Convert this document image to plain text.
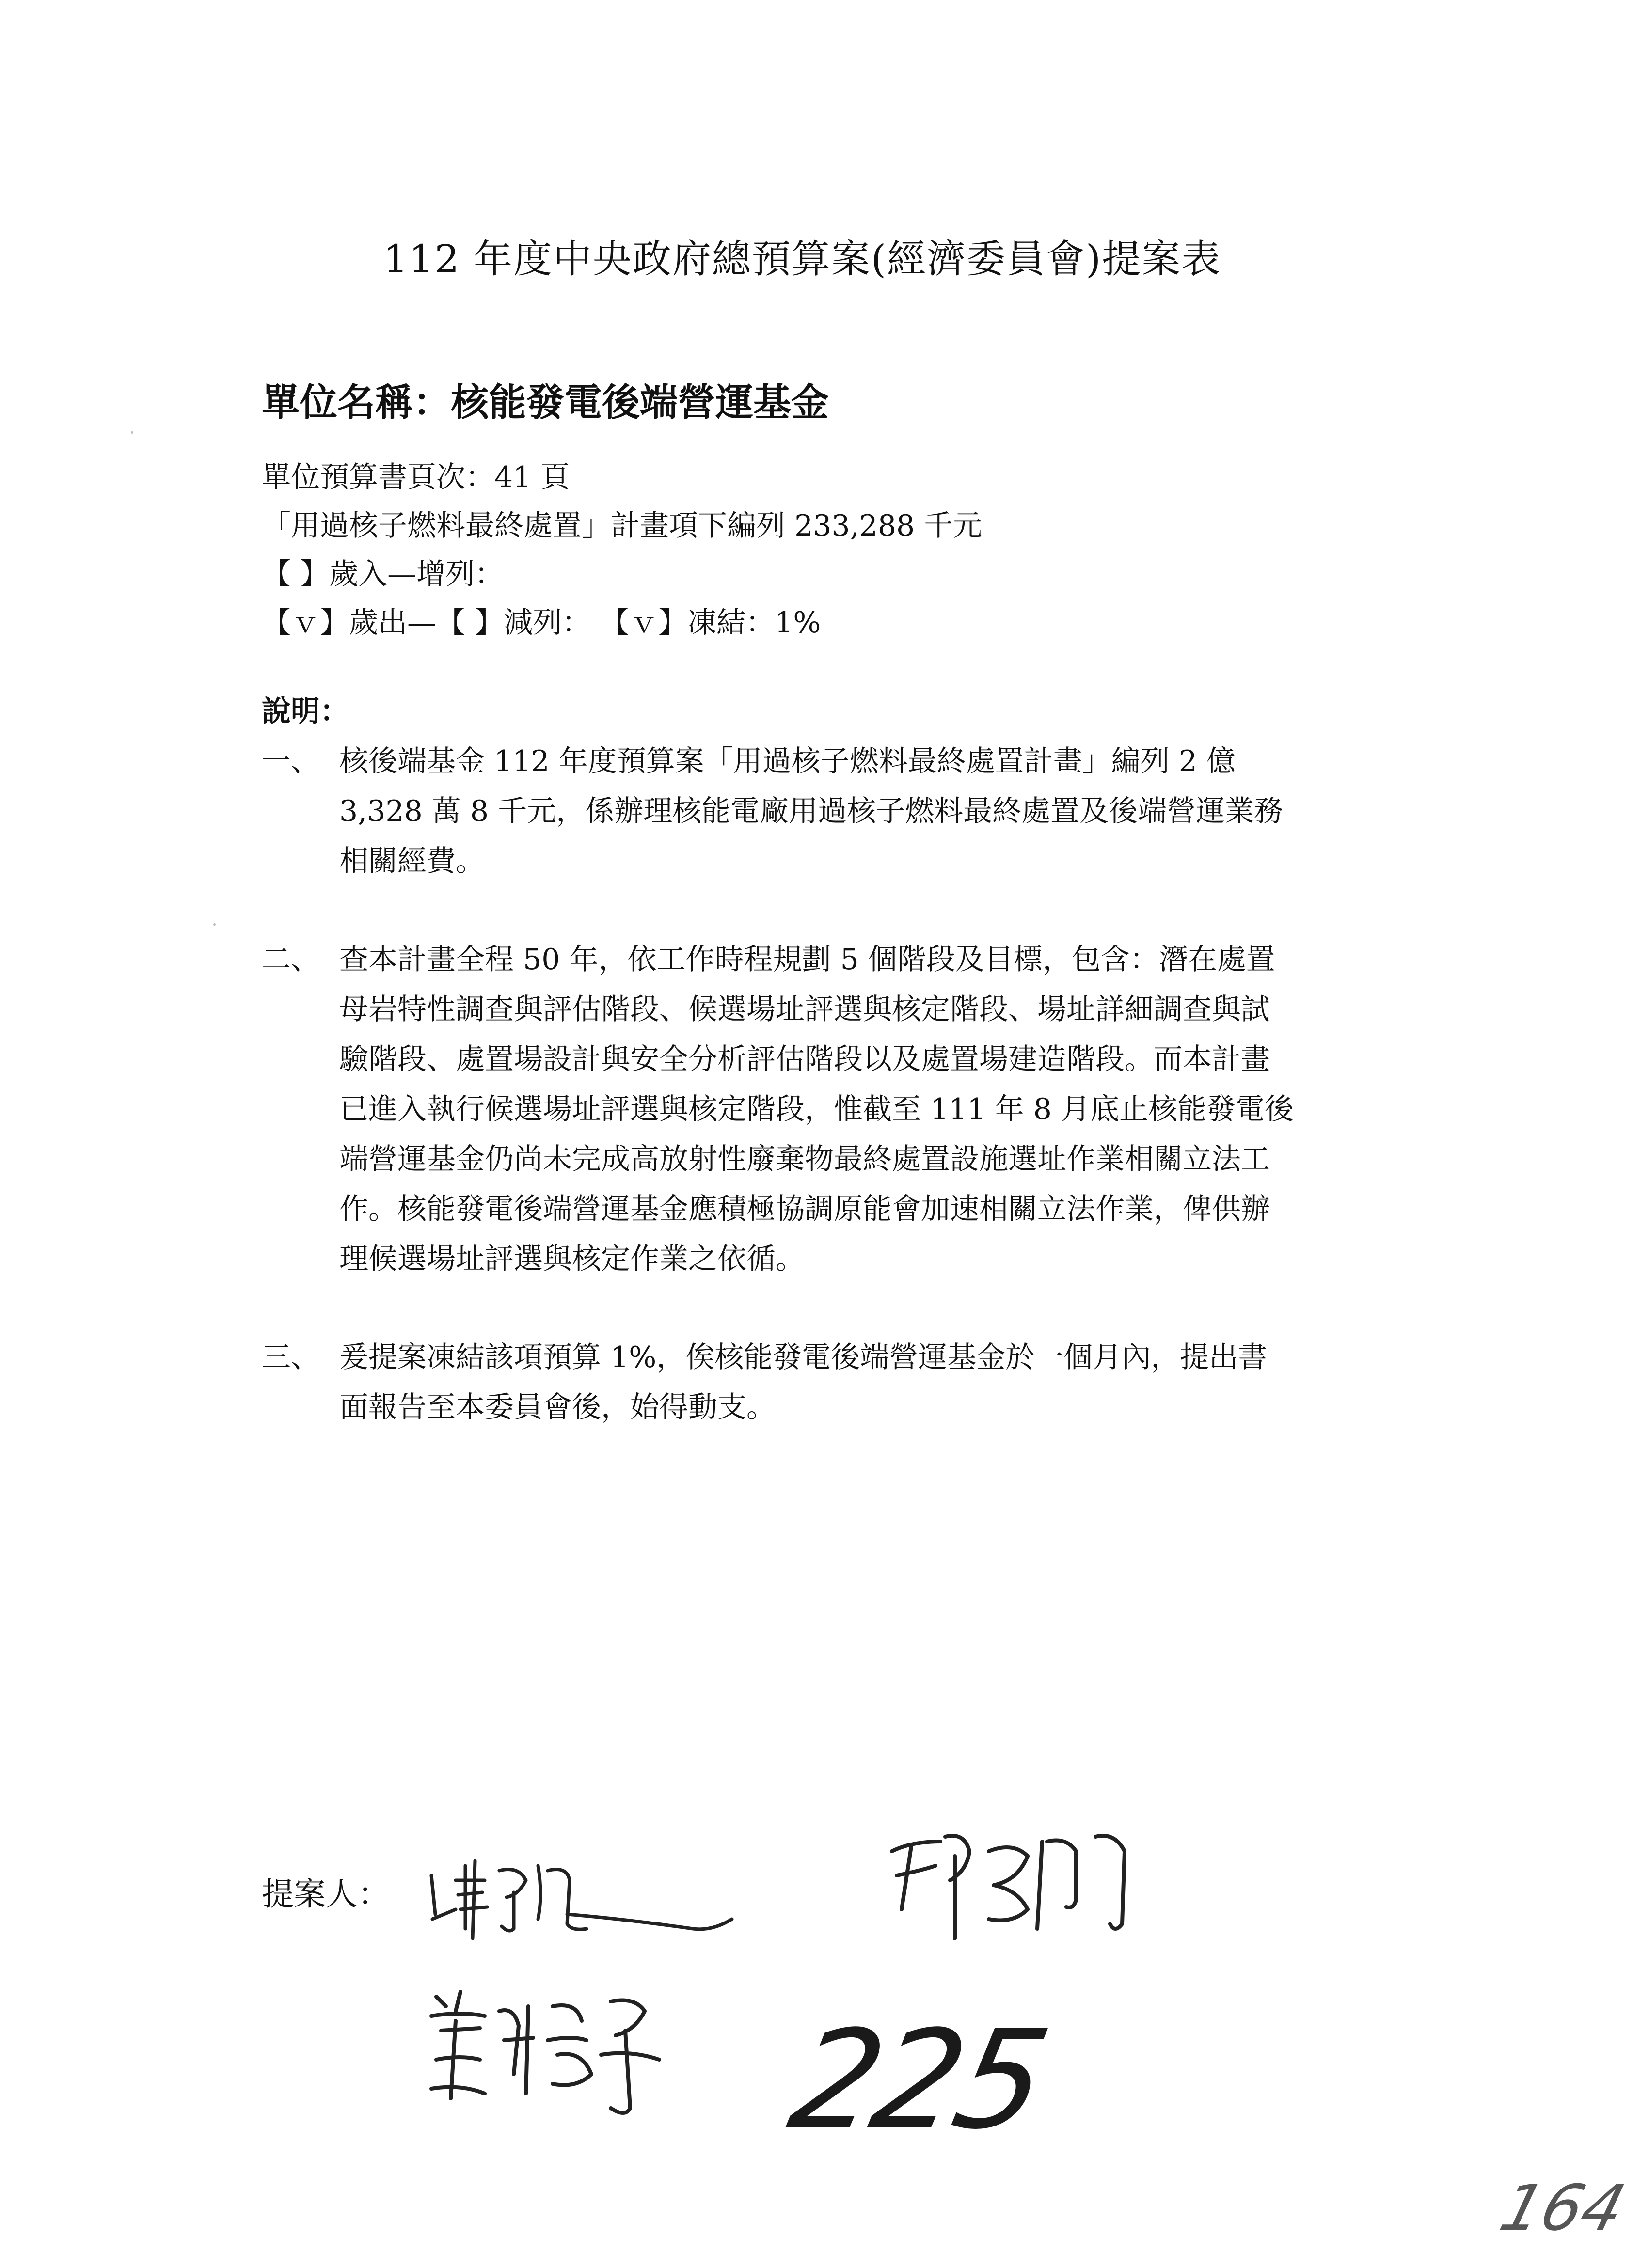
112 年度中央政府總預算案(經濟委員會)提案表
單位名稱：核能發電後端營運基金
單位預算書頁次：41 頁
「用過核子燃料最終處置」計畫項下編列 233,288 千元
【 】歲入—增列：
【ｖ】歲出—【 】減列： 【ｖ】凍結：1%
說明：
一、 核後端基金 112 年度預算案「用過核子燃料最終處置計畫」編列 2 億
3,328 萬 8 千元，係辦理核能電廠用過核子燃料最終處置及後端營運業務
相關經費。
二、 查本計畫全程 50 年，依工作時程規劃 5 個階段及目標，包含：潛在處置
母岩特性調查與評估階段、候選場址評選與核定階段、場址詳細調查與試
驗階段、處置場設計與安全分析評估階段以及處置場建造階段。而本計畫
已進入執行候選場址評選與核定階段，惟截至 111 年 8 月底止核能發電後
端營運基金仍尚未完成高放射性廢棄物最終處置設施選址作業相關立法工
作。核能發電後端營運基金應積極協調原能會加速相關立法作業，俾供辦
理候選場址評選與核定作業之依循。
三、 爰提案凍結該項預算 1%，俟核能發電後端營運基金於一個月內，提出書
面報告至本委員會後，始得動支。
提案人：
225
164
